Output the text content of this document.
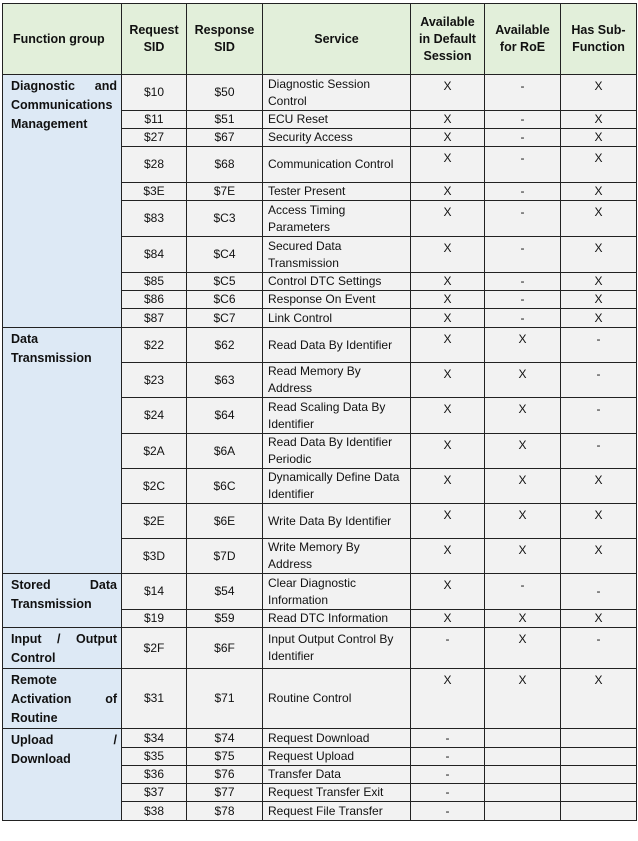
Function group	Request SID	Response SID	Service	Available in Default Session	Available for RoE	Has Sub-Function
Diagnostic and Communications Management	$10	$50	Diagnostic Session Control	X	-	X
	$11	$51	ECU Reset	X	-	X
	$27	$67	Security Access	X	-	X
	$28	$68	Communication Control	X	-	X
	$3E	$7E	Tester Present	X	-	X
	$83	$C3	Access Timing Parameters	X	-	X
	$84	$C4	Secured Data Transmission	X	-	X
	$85	$C5	Control DTC Settings	X	-	X
	$86	$C6	Response On Event	X	-	X
	$87	$C7	Link Control	X	-	X
Data Transmission	$22	$62	Read Data By Identifier	X	X	-
	$23	$63	Read Memory By Address	X	X	-
	$24	$64	Read Scaling Data By Identifier	X	X	-
	$2A	$6A	Read Data By Identifier Periodic	X	X	-
	$2C	$6C	Dynamically Define Data Identifier	X	X	X
	$2E	$6E	Write Data By Identifier	X	X	X
	$3D	$7D	Write Memory By Address	X	X	X
Stored Data Transmission	$14	$54	Clear Diagnostic Information	X	-	-
	$19	$59	Read DTC Information	X	X	X
Input / Output Control	$2F	$6F	Input Output Control By Identifier	-	X	-
Remote Activation of Routine	$31	$71	Routine Control	X	X	X
Upload / Download	$34	$74	Request Download	-		
	$35	$75	Request Upload	-		
	$36	$76	Transfer Data	-		
	$37	$77	Request Transfer Exit	-		
	$38	$78	Request File Transfer	-		
